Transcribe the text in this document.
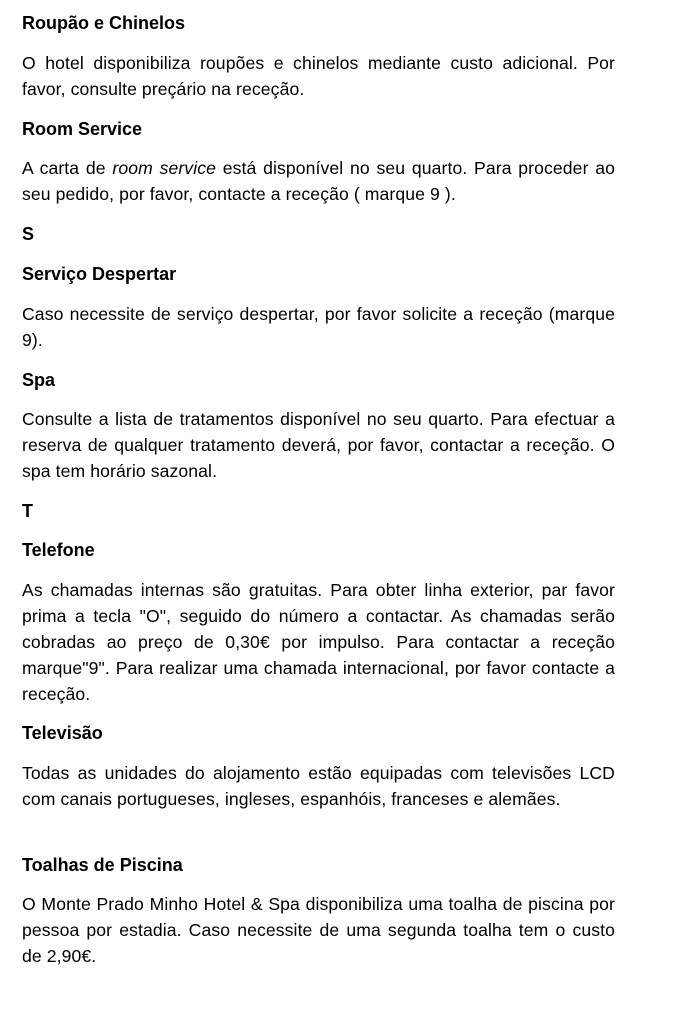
Roupão e Chinelos

O hotel disponibiliza roupões e chinelos mediante custo adicional. Por favor, consulte preçário na receção.

Room Service

A carta de room service está disponível no seu quarto. Para proceder ao seu pedido, por favor, contacte a receção ( marque 9 ).

S
Serviço Despertar

Caso necessite de serviço despertar, por favor solicite a receção (marque 9).

Spa

Consulte a lista de tratamentos disponível no seu quarto. Para efectuar a reserva de qualquer tratamento deverá, por favor, contactar a receção. O spa tem horário sazonal.

T
Telefone

As chamadas internas são gratuitas. Para obter linha exterior, par favor prima a tecla "O", seguido do número a contactar. As chamadas serão cobradas ao preço de 0,30€ por impulso. Para contactar a receção marque"9". Para realizar uma chamada internacional, por favor contacte a receção.

Televisão

Todas as unidades do alojamento estão equipadas com televisões LCD com canais portugueses, ingleses, espanhóis, franceses e alemães.

Toalhas de Piscina

O Monte Prado Minho Hotel & Spa disponibiliza uma toalha de piscina por pessoa por estadia. Caso necessite de uma segunda toalha tem o custo de 2,90€.
